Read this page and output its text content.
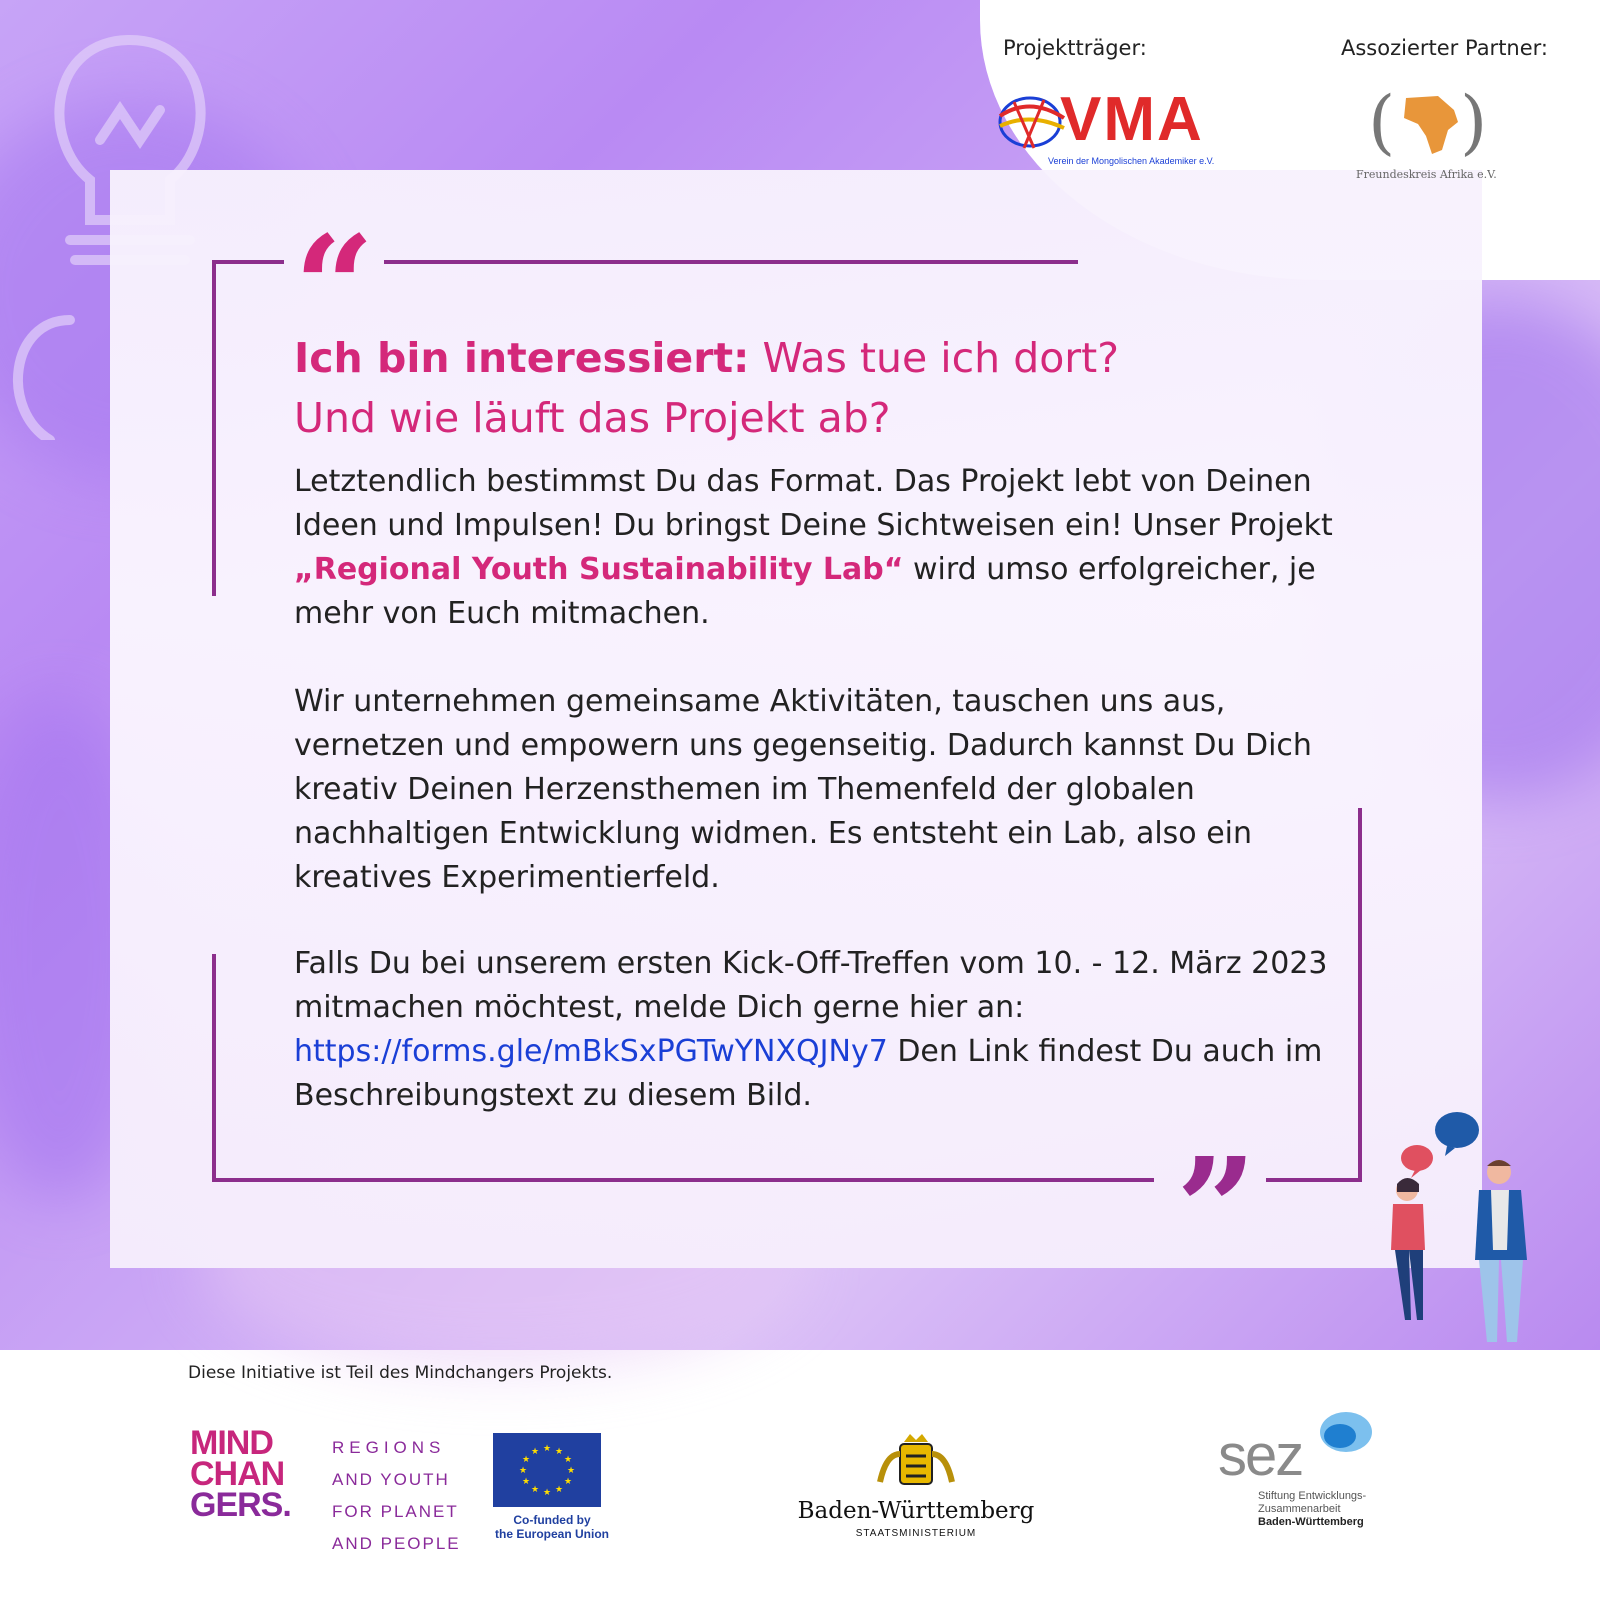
Projektträger:	Assozierter Partner:
VMA
Verein der Mongolischen Akademiker e.V. ( )
Freundeskreis Afrika e.V.
“
”
Ich bin interessiert: Was tue ich dort?
Und wie läuft das Projekt ab?
Letztendlich bestimmst Du das Format. Das Projekt lebt von Deinen Ideen und Impulsen! Du bringst Deine Sichtweisen ein! Unser Projekt „Regional Youth Sustainability Lab“ wird umso erfolgreicher, je mehr von Euch mitmachen.
Wir unternehmen gemeinsame Aktivitäten, tauschen uns aus, vernetzen und empowern uns gegenseitig. Dadurch kannst Du Dich kreativ Deinen Herzensthemen im Themenfeld der globalen nachhaltigen Entwicklung widmen. Es entsteht ein Lab, also ein kreatives Experimentierfeld.
Falls Du bei unserem ersten Kick-Off-Treffen vom 10. - 12. März 2023 mitmachen möchtest, melde Dich gerne hier an: https://forms.gle/mBkSxPGTwYNXQJNy7 Den Link findest Du auch im Beschreibungstext zu diesem Bild.
Diese Initiative ist Teil des Mindchangers Projekts.
MIND
CHAN
GERS.
REGIONS
AND YOUTH
FOR PLANET
AND PEOPLE
★ ★
★
★
★
★
★
★
★
★
★
★
Co-funded by
the European Union
Baden-Württemberg
STAATSMINISTERIUM
sez
Stiftung Entwicklungs-
Zusammenarbeit
Baden-Württemberg
